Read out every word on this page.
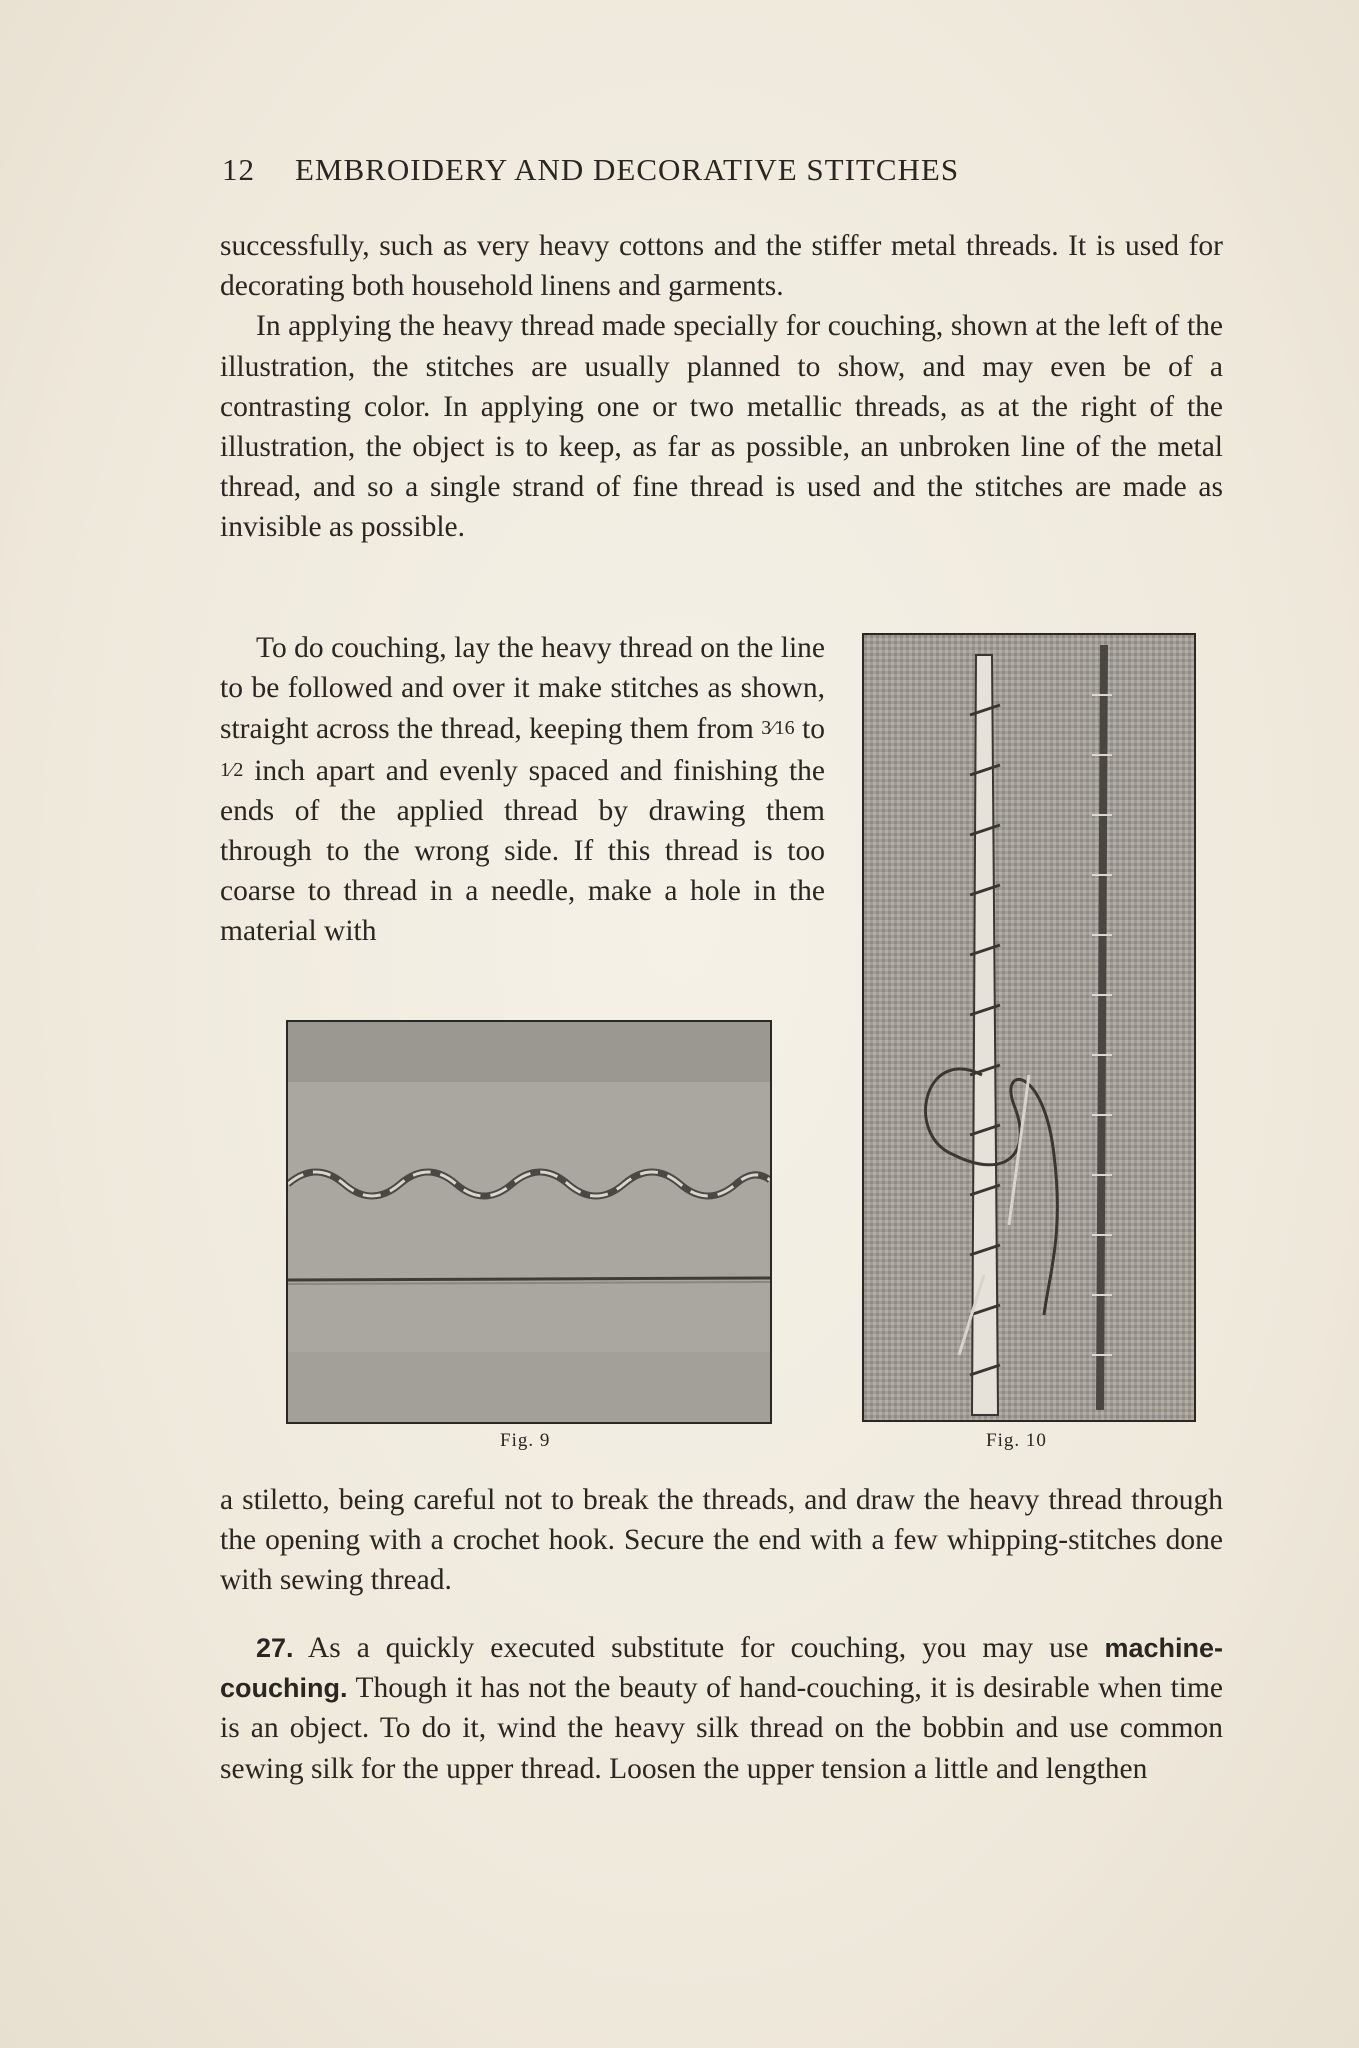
12 EMBROIDERY AND DECORATIVE STITCHES

successfully, such as very heavy cottons and the stiffer metal threads. It is used for decorating both household linens and garments.

In applying the heavy thread made specially for couching, shown at the left of the illustration, the stitches are usually planned to show, and may even be of a contrasting color. In applying one or two metallic threads, as at the right of the illustration, the object is to keep, as far as possible, an unbroken line of the metal thread, and so a single strand of fine thread is used and the stitches are made as invisible as possible.

To do couching, lay the heavy thread on the line to be followed and over it make stitches as shown, straight across the thread, keeping them from 3⁄16 to 1⁄2 inch apart and evenly spaced and finishing the ends of the applied thread by drawing them through to the wrong side. If this thread is too coarse to thread in a needle, make a hole in the material with
Fig. 9	Fig. 10
a stiletto, being careful not to break the threads, and draw the heavy thread through the opening with a crochet hook. Secure the end with a few whipping-stitches done with sewing thread.
27. As a quickly executed substitute for couching, you may use machine-couching. Though it has not the beauty of hand-couching, it is desirable when time is an object. To do it, wind the heavy silk thread on the bobbin and use common sewing silk for the upper thread. Loosen the upper tension a little and lengthen
